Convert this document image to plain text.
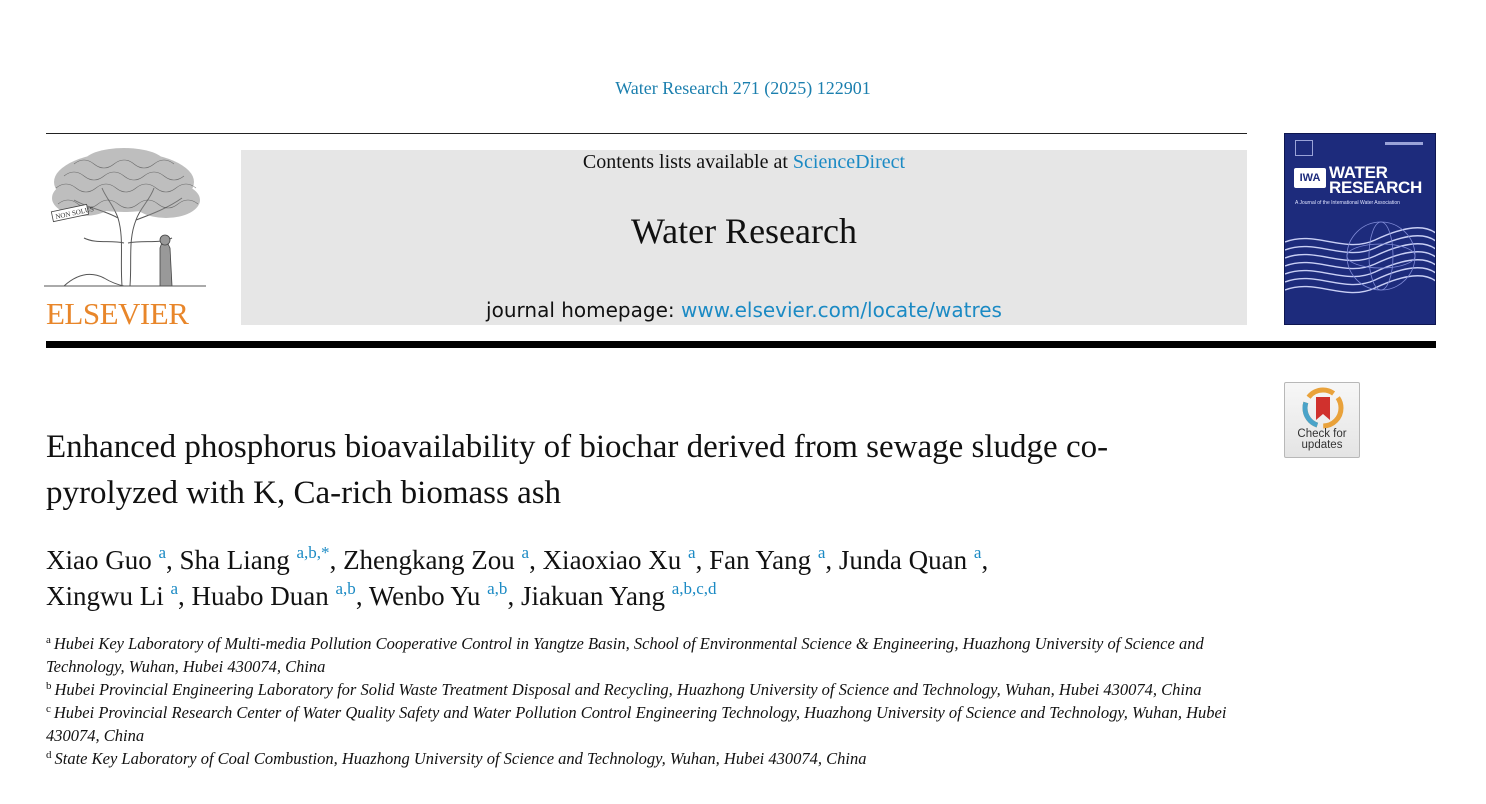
Water Research 271 (2025) 122901
NON SOLUS
ELSEVIER
Contents lists available at ScienceDirect
Water Research
journal homepage: www.elsevier.com/locate/watres
IWA WATER
RESEARCH
A Journal of the International Water Association
Check for
updates
Enhanced phosphorus bioavailability of biochar derived from sewage sludge co-pyrolyzed with K, Ca-rich biomass ash
Xiao Guo $^a$, Sha Liang $^{a,b,*}$, Zhengkang Zou $^a$, Xiaoxiao Xu $^a$, Fan Yang $^a$, Junda Quan $^a$,
Xingwu Li $^a$, Huabo Duan $^{a,b}$, Wenbo Yu $^{a,b}$, Jiakuan Yang $^{a,b,c,d}$
$^a$ Hubei Key Laboratory of Multi-media Pollution Cooperative Control in Yangtze Basin, School of Environmental Science & Engineering, Huazhong University of Science and Technology, Wuhan, Hubei 430074, China
$^b$ Hubei Provincial Engineering Laboratory for Solid Waste Treatment Disposal and Recycling, Huazhong University of Science and Technology, Wuhan, Hubei 430074, China
$^c$ Hubei Provincial Research Center of Water Quality Safety and Water Pollution Control Engineering Technology, Huazhong University of Science and Technology, Wuhan, Hubei 430074, China
$^d$ State Key Laboratory of Coal Combustion, Huazhong University of Science and Technology, Wuhan, Hubei 430074, China
